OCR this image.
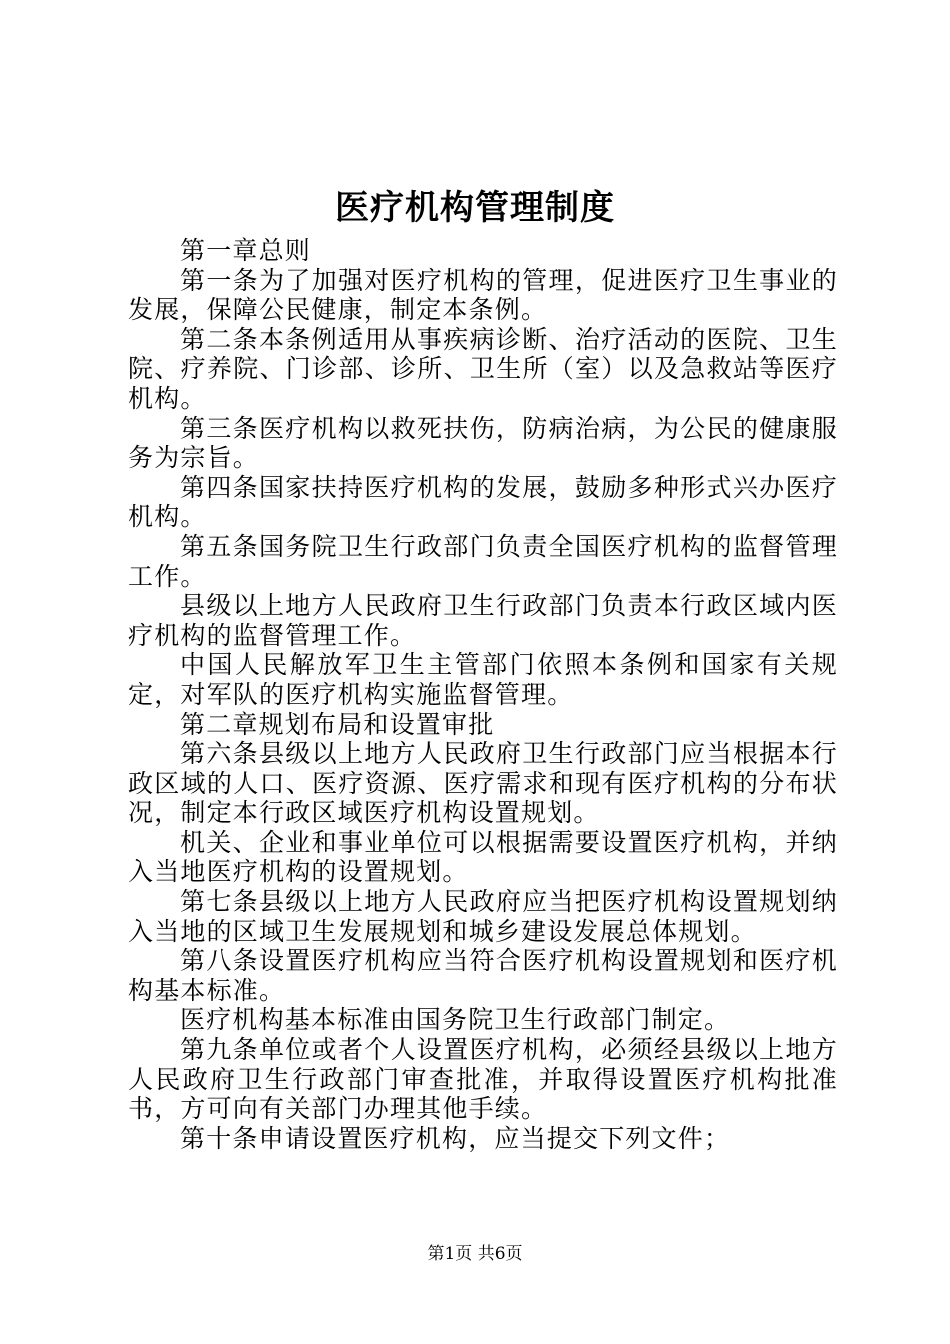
医疗机构管理制度

第一章总则

第一条为了加强对医疗机构的管理，促进医疗卫生事业的发展，保障公民健康，制定本条例。

第二条本条例适用从事疾病诊断、治疗活动的医院、卫生院、疗养院、门诊部、诊所、卫生所（室）以及急救站等医疗机构。

第三条医疗机构以救死扶伤，防病治病，为公民的健康服务为宗旨。

第四条国家扶持医疗机构的发展，鼓励多种形式兴办医疗机构。

第五条国务院卫生行政部门负责全国医疗机构的监督管理工作。

县级以上地方人民政府卫生行政部门负责本行政区域内医疗机构的监督管理工作。

中国人民解放军卫生主管部门依照本条例和国家有关规定，对军队的医疗机构实施监督管理。

第二章规划布局和设置审批

第六条县级以上地方人民政府卫生行政部门应当根据本行政区域的人口、医疗资源、医疗需求和现有医疗机构的分布状况，制定本行政区域医疗机构设置规划。

机关、企业和事业单位可以根据需要设置医疗机构，并纳入当地医疗机构的设置规划。

第七条县级以上地方人民政府应当把医疗机构设置规划纳入当地的区域卫生发展规划和城乡建设发展总体规划。

第八条设置医疗机构应当符合医疗机构设置规划和医疗机构基本标准。

医疗机构基本标准由国务院卫生行政部门制定。

第九条单位或者个人设置医疗机构，必须经县级以上地方人民政府卫生行政部门审查批准，并取得设置医疗机构批准书，方可向有关部门办理其他手续。

第十条申请设置医疗机构，应当提交下列文件；

第1页 共6页
